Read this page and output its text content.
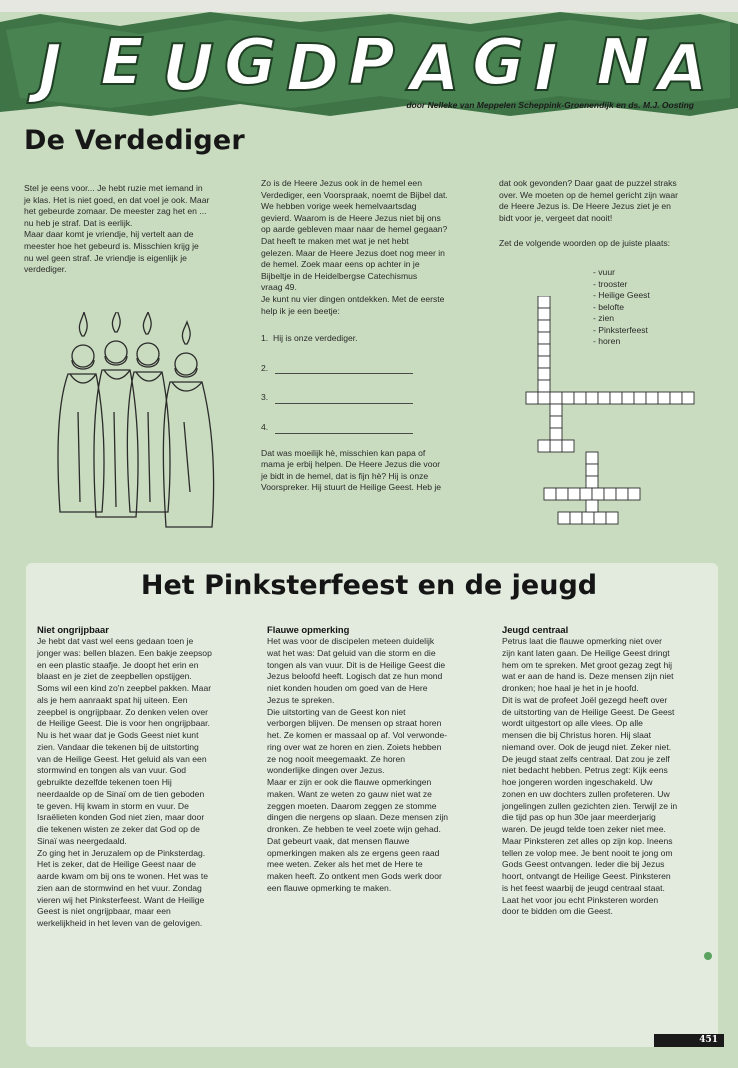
J E U G D P A G I N A
door Nelleke van Meppelen Scheppink-Groenendijk en ds. M.J. Oosting
De Verdediger

Stel je eens voor... Je hebt ruzie met iemand in

je klas. Het is niet goed, en dat voel je ook. Maar

het gebeurde zomaar. De meester zag het en ...

nu heb je straf. Dat is eerlijk.

Maar daar komt je vriendje, hij vertelt aan de

meester hoe het gebeurd is. Misschien krijg je

nu wel geen straf. Je vriendje is eigenlijk je

verdediger.

Zo is de Heere Jezus ook in de hemel een

Verdediger, een Voorspraak, noemt de Bijbel dat.

We hebben vorige week hemelvaartsdag

gevierd. Waarom is de Heere Jezus niet bij ons

op aarde gebleven maar naar de hemel gegaan?

Dat heeft te maken met wat je net hebt

gelezen. Maar de Heere Jezus doet nog meer in

de hemel. Zoek maar eens op achter in je

Bijbeltje in de Heidelbergse Catechismus

vraag 49.

Je kunt nu vier dingen ontdekken. Met de eerste

help ik je een beetje:

1. Hij is onze verdediger.
2.
3.
4.

Dat was moeilijk hè, misschien kan papa of

mama je erbij helpen. De Heere Jezus die voor

je bidt in de hemel, dat is fijn hè? Hij is onze

Voorspreker. Hij stuurt de Heilige Geest. Heb je

dat ook gevonden? Daar gaat de puzzel straks

over. We moeten op de hemel gericht zijn waar

de Heere Jezus is. De Heere Jezus ziet je en

bidt voor je, vergeet dat nooit!

Zet de volgende woorden op de juiste plaats:

- vuur
- trooster
- Heilige Geest
- belofte
- zien
- Pinksterfeest
- horen
Het Pinksterfeest en de jeugd
Niet ongrijpbaar

Je hebt dat vast wel eens gedaan toen je

jonger was: bellen blazen. Een bakje zeepsop

en een plastic staafje. Je doopt het erin en

blaast en je ziet de zeepbellen opstijgen.

Soms wil een kind zo'n zeepbel pakken. Maar

als je hem aanraakt spat hij uiteen. Een

zeepbel is ongrijpbaar. Zo denken velen over

de Heilige Geest. Die is voor hen ongrijpbaar.

Nu is het waar dat je Gods Geest niet kunt

zien. Vandaar die tekenen bij de uitstorting

van de Heilige Geest. Het geluid als van een

stormwind en tongen als van vuur. God

gebruikte dezelfde tekenen toen Hij

neerdaalde op de Sinaï om de tien geboden

te geven. Hij kwam in storm en vuur. De

Israëlieten konden God niet zien, maar door

die tekenen wisten ze zeker dat God op de

Sinaï was neergedaald.

Zo ging het in Jeruzalem op de Pinksterdag.

Het is zeker, dat de Heilige Geest naar de

aarde kwam om bij ons te wonen. Het was te

zien aan de stormwind en het vuur. Zondag

vieren wij het Pinksterfeest. Want de Heilige

Geest is niet ongrijpbaar, maar een

werkelijkheid in het leven van de gelovigen.

Flauwe opmerking

Het was voor de discipelen meteen duidelijk

wat het was: Dat geluid van die storm en die

tongen als van vuur. Dit is de Heilige Geest die

Jezus beloofd heeft. Logisch dat ze hun mond

niet konden houden om goed van de Here

Jezus te spreken.

Die uitstorting van de Geest kon niet

verborgen blijven. De mensen op straat horen

het. Ze komen er massaal op af. Vol verwonde-

ring over wat ze horen en zien. Zoiets hebben

ze nog nooit meegemaakt. Ze horen

wonderlijke dingen over Jezus.

Maar er zijn er ook die flauwe opmerkingen

maken. Want ze weten zo gauw niet wat ze

zeggen moeten. Daarom zeggen ze stomme

dingen die nergens op slaan. Deze mensen zijn

dronken. Ze hebben te veel zoete wijn gehad.

Dat gebeurt vaak, dat mensen flauwe

opmerkingen maken als ze ergens geen raad

mee weten. Zeker als het met de Here te

maken heeft. Zo ontkent men Gods werk door

een flauwe opmerking te maken.

Jeugd centraal

Petrus laat die flauwe opmerking niet over

zijn kant laten gaan. De Heilige Geest dringt

hem om te spreken. Met groot gezag zegt hij

wat er aan de hand is. Deze mensen zijn niet

dronken; hoe haal je het in je hoofd.

Dit is wat de profeet Joël gezegd heeft over

de uitstorting van de Heilige Geest. De Geest

wordt uitgestort op alle vlees. Op alle

mensen die bij Christus horen. Hij slaat

niemand over. Ook de jeugd niet. Zeker niet.

De jeugd staat zelfs centraal. Dat zou je zelf

niet bedacht hebben. Petrus zegt: Kijk eens

hoe jongeren worden ingeschakeld. Uw

zonen en uw dochters zullen profeteren. Uw

jongelingen zullen gezichten zien. Terwijl ze in

die tijd pas op hun 30e jaar meerderjarig

waren. De jeugd telde toen zeker niet mee.

Maar Pinksteren zet alles op zijn kop. Ineens

tellen ze volop mee. Je bent nooit te jong om

Gods Geest ontvangen. Ieder die bij Jezus

hoort, ontvangt de Heilige Geest. Pinksteren

is het feest waarbij de jeugd centraal staat.

Laat het voor jou echt Pinksteren worden

door te bidden om die Geest.

451
